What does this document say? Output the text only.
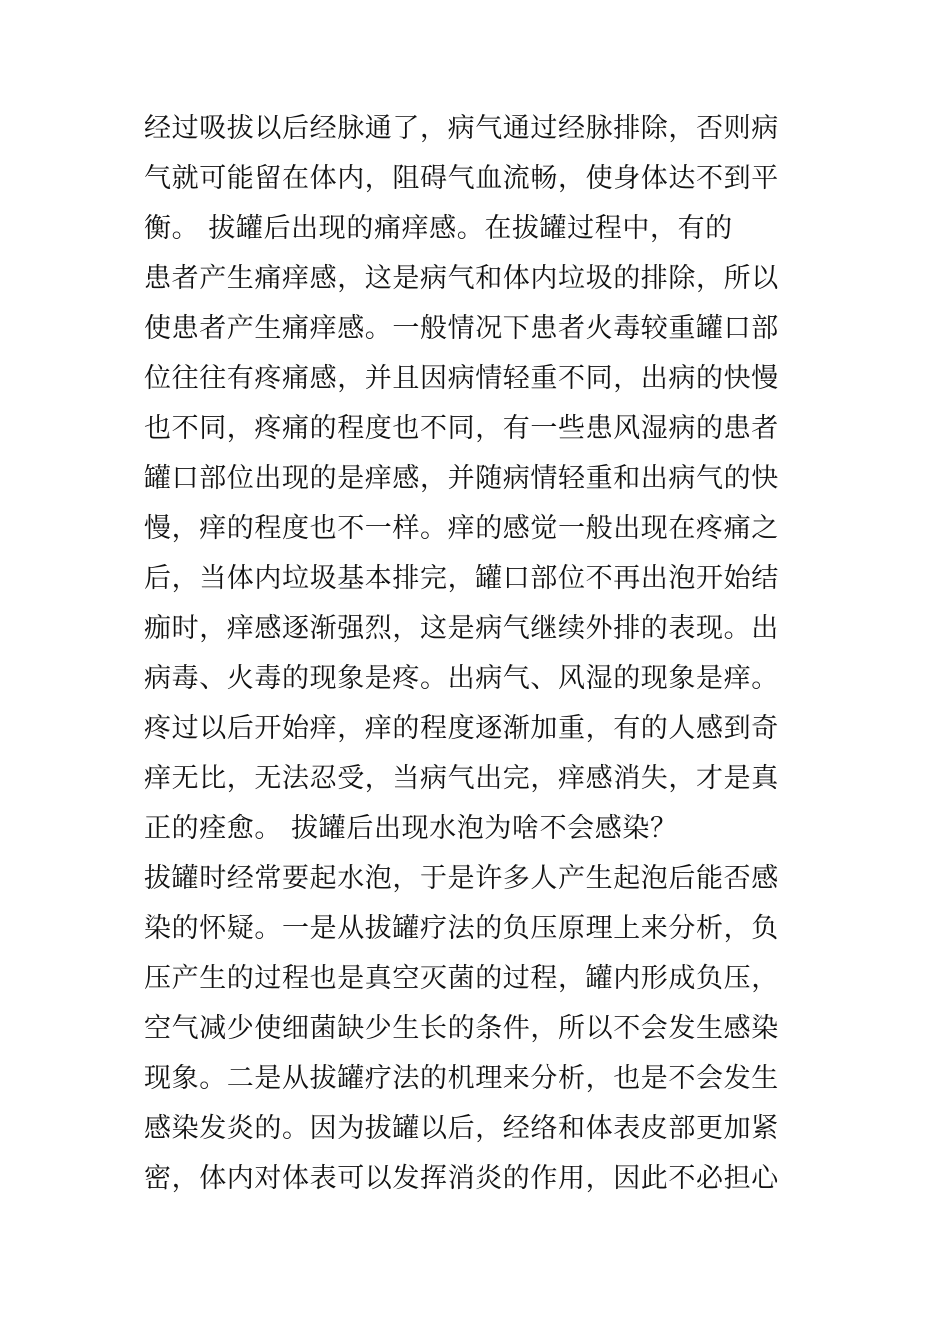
经过吸拔以后经脉通了，病气通过经脉排除，否则病
气就可能留在体内，阻碍气血流畅，使身体达不到平
衡。 拔罐后出现的痛痒感。在拔罐过程中，有的
患者产生痛痒感，这是病气和体内垃圾的排除，所以
使患者产生痛痒感。一般情况下患者火毒较重罐口部
位往往有疼痛感，并且因病情轻重不同，出病的快慢
也不同，疼痛的程度也不同，有一些患风湿病的患者
罐口部位出现的是痒感，并随病情轻重和出病气的快
慢，痒的程度也不一样。痒的感觉一般出现在疼痛之
后，当体内垃圾基本排完，罐口部位不再出泡开始结
痂时，痒感逐渐强烈，这是病气继续外排的表现。出
病毒、火毒的现象是疼。出病气、风湿的现象是痒。
疼过以后开始痒，痒的程度逐渐加重，有的人感到奇
痒无比，无法忍受，当病气出完，痒感消失，才是真
正的痊愈。 拔罐后出现水泡为啥不会感染？
拔罐时经常要起水泡，于是许多人产生起泡后能否感
染的怀疑。一是从拔罐疗法的负压原理上来分析，负
压产生的过程也是真空灭菌的过程，罐内形成负压，
空气减少使细菌缺少生长的条件，所以不会发生感染
现象。二是从拔罐疗法的机理来分析，也是不会发生
感染发炎的。因为拔罐以后，经络和体表皮部更加紧
密，体内对体表可以发挥消炎的作用，因此不必担心
